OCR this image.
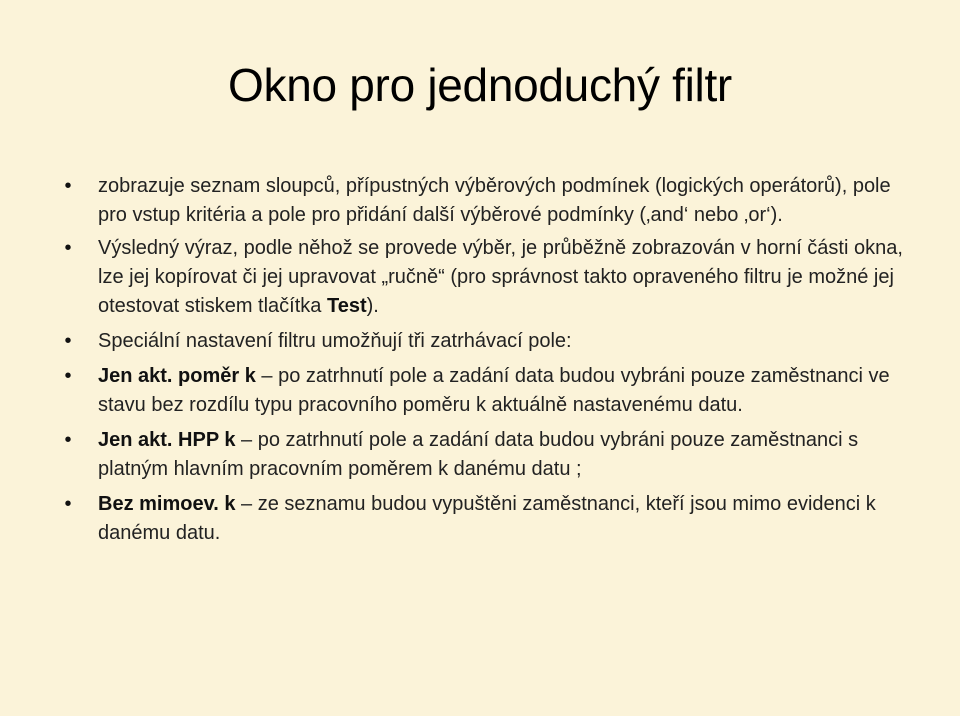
Okno pro jednoduchý filtr
• zobrazuje seznam sloupců, přípustných výběrových podmínek (logických operátorů), pole pro vstup kritéria a pole pro přidání další výběrové podmínky (‚and‘ nebo ‚or‘).
• Výsledný výraz, podle něhož se provede výběr, je průběžně zobrazován v horní části okna, lze jej kopírovat či jej upravovat „ručně“ (pro správnost takto opraveného filtru je možné jej otestovat stiskem tlačítka Test).
• Speciální nastavení filtru umožňují tři zatrhávací pole:
• Jen akt. poměr k – po zatrhnutí pole a zadání data budou vybráni pouze zaměstnanci ve stavu bez rozdílu typu pracovního poměru k aktuálně nastavenému datu.
• Jen akt. HPP k – po zatrhnutí pole a zadání data budou vybráni pouze zaměstnanci s platným hlavním pracovním poměrem k danému datu ;
• Bez mimoev. k – ze seznamu budou vypuštěni zaměstnanci, kteří jsou mimo evidenci k danému datu.
